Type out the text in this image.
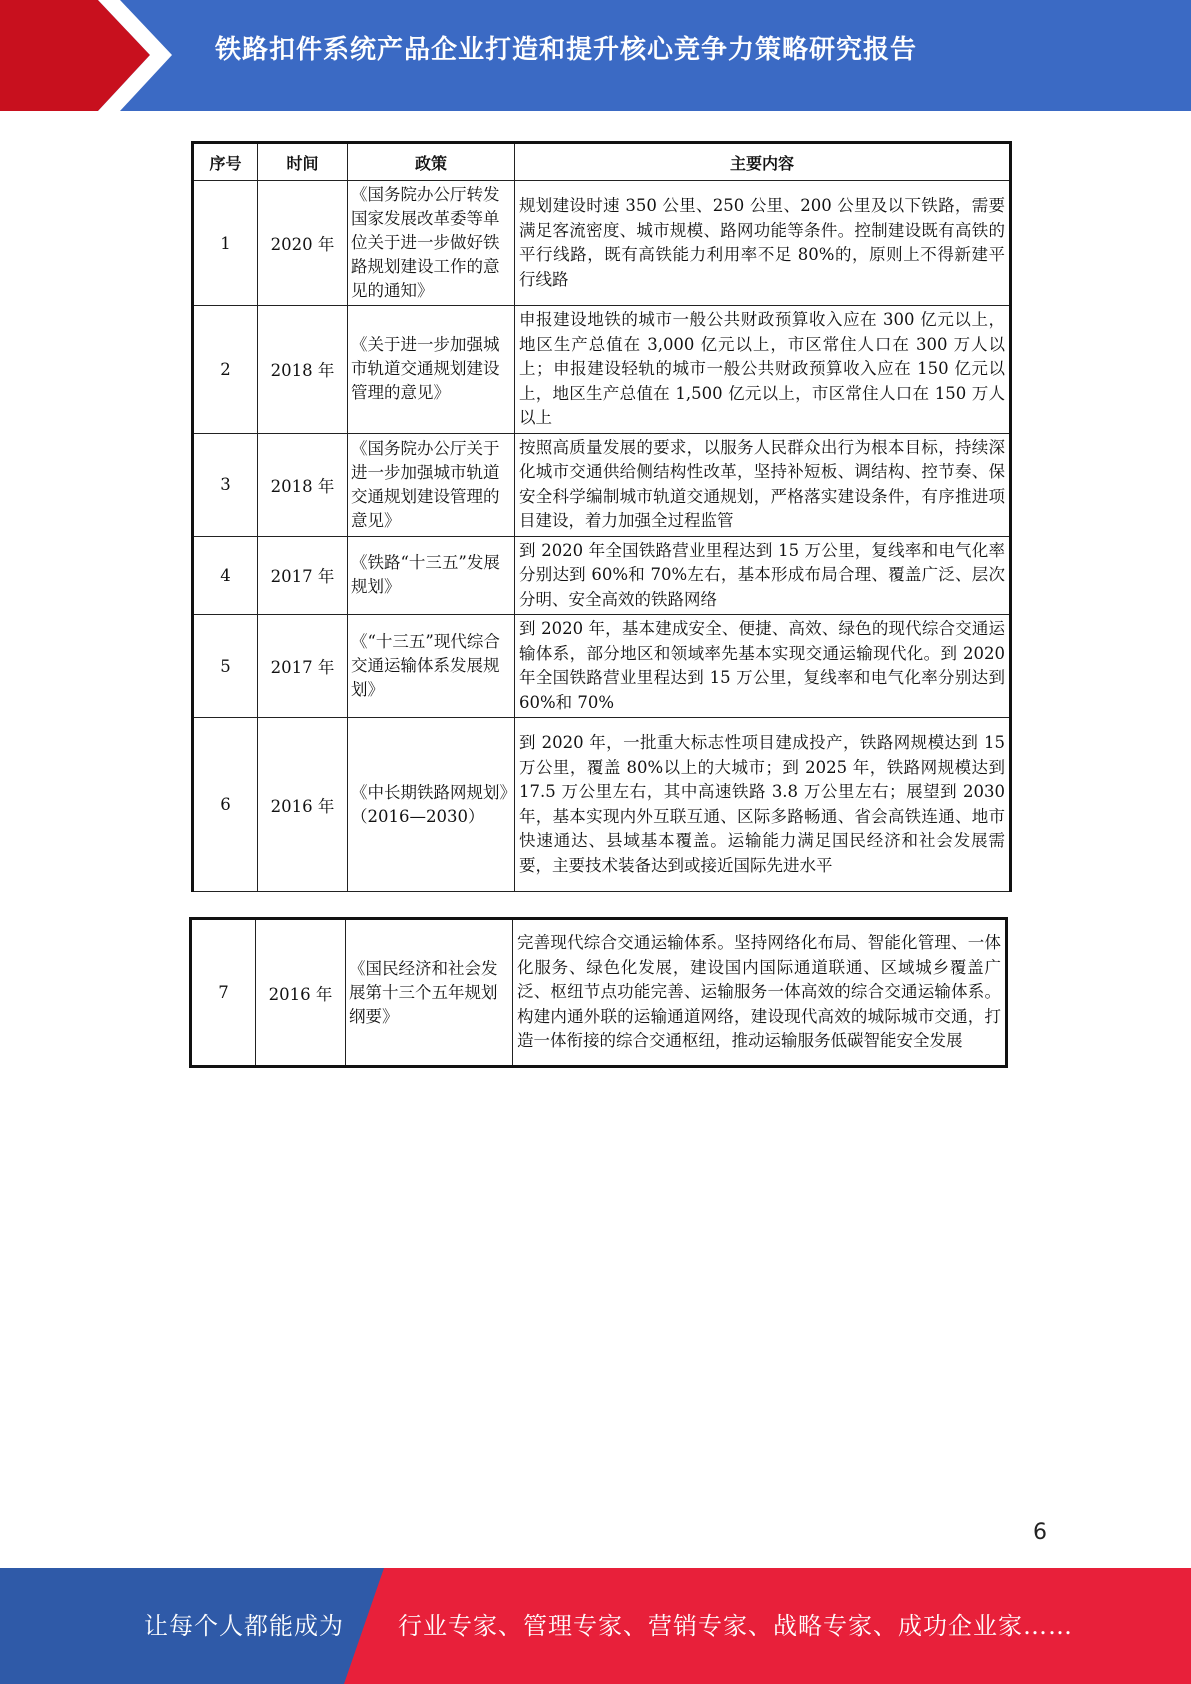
铁路扣件系统产品企业打造和提升核心竞争力策略研究报告
序号	时间	政策	主要内容
1	2020 年	《国务院办公厅转发国家发展改革委等单位关于进一步做好铁路规划建设工作的意见的通知》	规划建设时速 350 公里、250 公里、200 公里及以下铁路，需要满足客流密度、城市规模、路网功能等条件。控制建设既有高铁的平行线路，既有高铁能力利用率不足 80%的，原则上不得新建平行线路
2	2018 年	《关于进一步加强城市轨道交通规划建设管理的意见》	申报建设地铁的城市一般公共财政预算收入应在 300 亿元以上，地区生产总值在 3,000 亿元以上，市区常住人口在 300 万人以上；申报建设轻轨的城市一般公共财政预算收入应在 150 亿元以上，地区生产总值在 1,500 亿元以上，市区常住人口在 150 万人以上
3	2018 年	《国务院办公厅关于进一步加强城市轨道交通规划建设管理的意见》	按照高质量发展的要求，以服务人民群众出行为根本目标，持续深化城市交通供给侧结构性改革，坚持补短板、调结构、控节奏、保安全科学编制城市轨道交通规划，严格落实建设条件，有序推进项目建设，着力加强全过程监管
4	2017 年	《铁路“十三五”发展规划》	到 2020 年全国铁路营业里程达到 15 万公里，复线率和电气化率分别达到 60%和 70%左右，基本形成布局合理、覆盖广泛、层次分明、安全高效的铁路网络
5	2017 年	《“十三五”现代综合交通运输体系发展规划》	到 2020 年，基本建成安全、便捷、高效、绿色的现代综合交通运输体系，部分地区和领域率先基本实现交通运输现代化。到 2020 年全国铁路营业里程达到 15 万公里，复线率和电气化率分别达到 60%和 70%
6	2016 年	《中长期铁路网规划》（2016—2030）	到 2020 年，一批重大标志性项目建成投产，铁路网规模达到 15 万公里，覆盖 80%以上的大城市；到 2025 年，铁路网规模达到 17.5 万公里左右，其中高速铁路 3.8 万公里左右；展望到 2030 年，基本实现内外互联互通、区际多路畅通、省会高铁连通、地市快速通达、县域基本覆盖。运输能力满足国民经济和社会发展需要，主要技术装备达到或接近国际先进水平
7	2016 年	《国民经济和社会发展第十三个五年规划纲要》	完善现代综合交通运输体系。坚持网络化布局、智能化管理、一体化服务、绿色化发展，建设国内国际通道联通、区域城乡覆盖广泛、枢纽节点功能完善、运输服务一体高效的综合交通运输体系。构建内通外联的运输通道网络，建设现代高效的城际城市交通，打造一体衔接的综合交通枢纽，推动运输服务低碳智能安全发展
6
让每个人都能成为 行业专家、管理专家、营销专家、战略专家、成功企业家……
